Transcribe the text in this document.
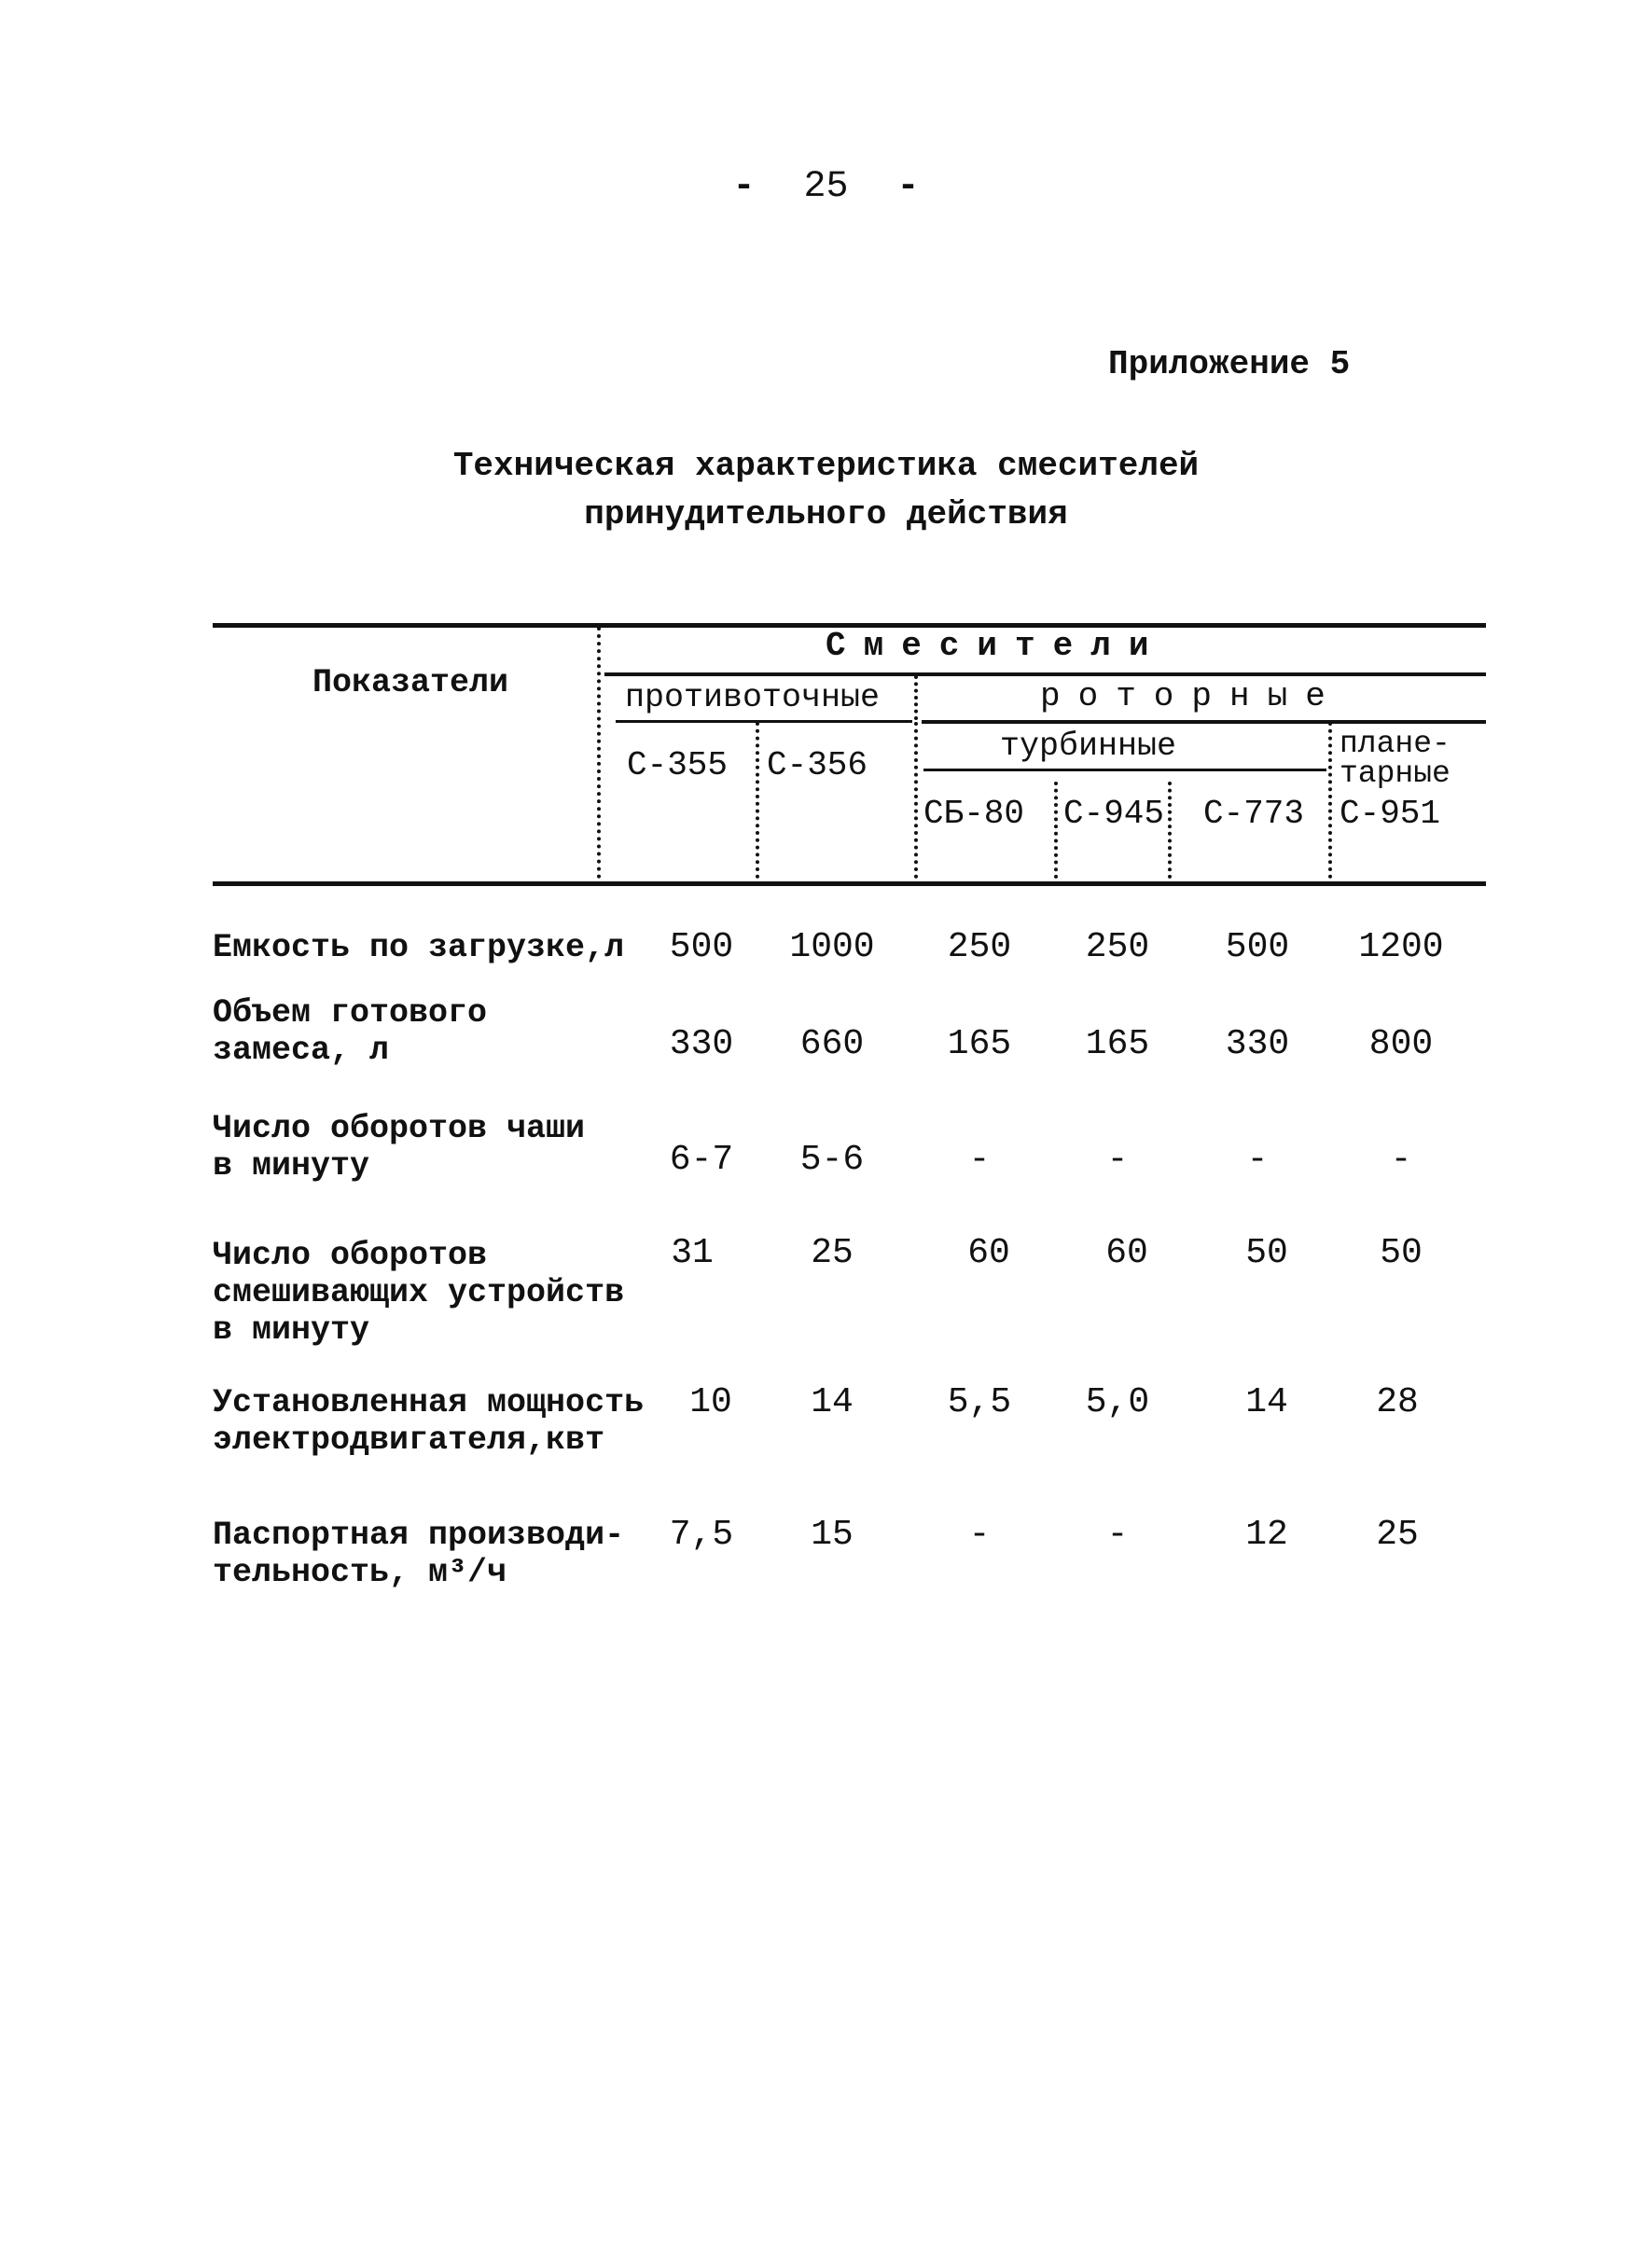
- 25 -
Приложение 5
Техническая характеристика смесителей
принудительного действия
Показатели
Смесители
противоточные	роторные
турбинные	плане-
тарные
С-355 С-356
СБ-80 С-945 С-773 С-951
Емкость по загрузке,л	500	1000	250	250	500	1200
Объем готового
замеса, л	330	660	165	165	330	800
Число оборотов чаши
в минуту	6-7	5-6	-	-	-	-
Число оборотов
смешивающих устройств
в минуту
31	25	60	60	50	50
Установленная мощность
электродвигателя,квт
10	14	5,5	5,0	14	28
Паспортная производи-
тельность, м³/ч
7,5	15	-	-	12	25
